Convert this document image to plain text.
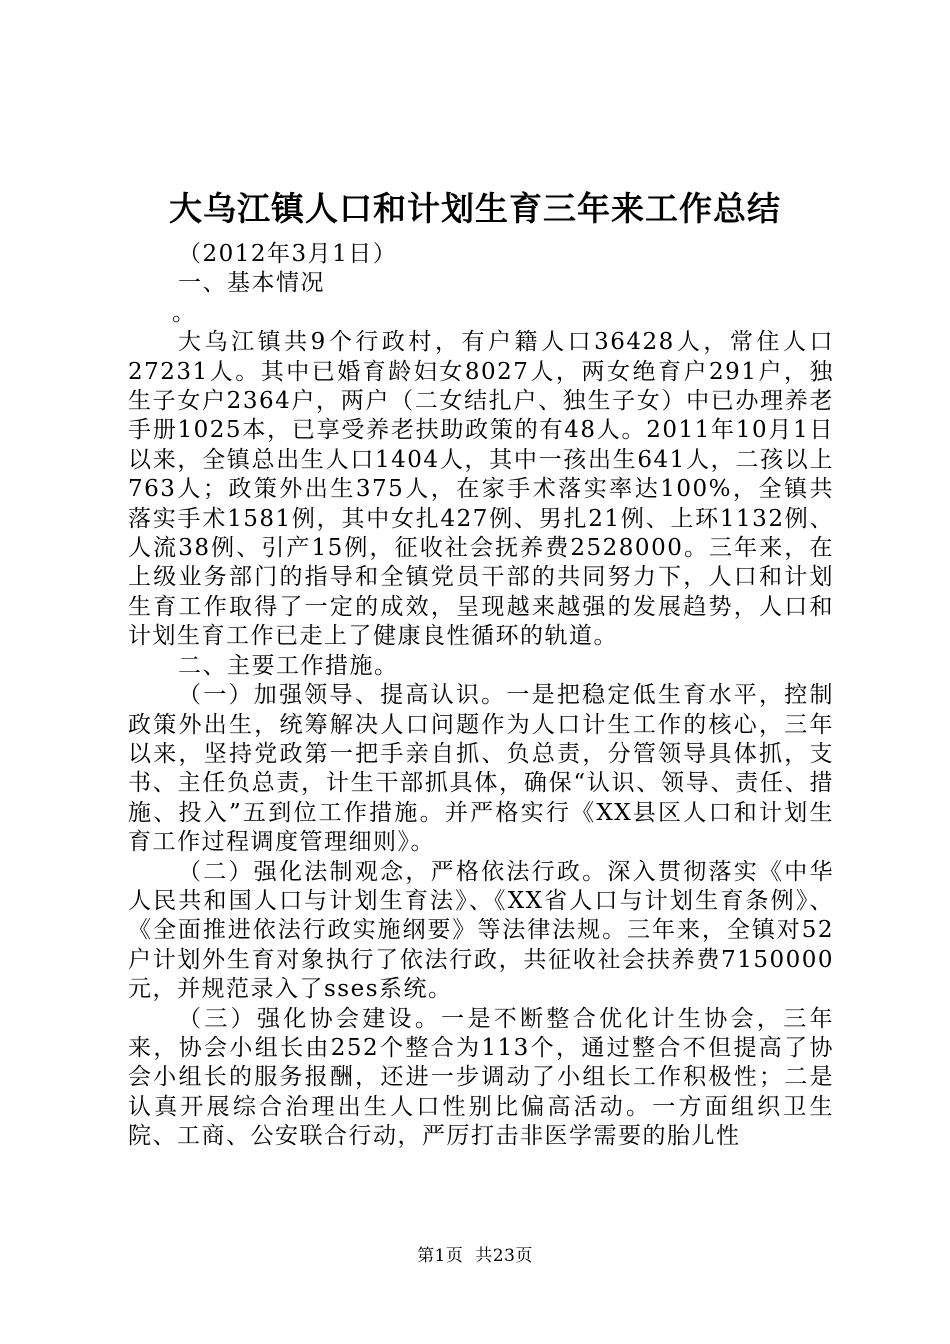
大乌江镇人口和计划生育三年来工作总结

（2012年3月1日）

一、基本情况

。

大乌江镇共9个行政村，有户籍人口36428人，常住人口27231人。其中已婚育龄妇女8027人，两女绝育户291户，独生子女户2364户，两户（二女结扎户、独生子女）中已办理养老手册1025本，已享受养老扶助政策的有48人。2011年10月1日以来，全镇总出生人口1404人，其中一孩出生641人，二孩以上763人；政策外出生375人，在家手术落实率达100%，全镇共落实手术1581例，其中女扎427例、男扎21例、上环1132例、人流38例、引产15例，征收社会抚养费2528000。三年来，在上级业务部门的指导和全镇党员干部的共同努力下，人口和计划生育工作取得了一定的成效，呈现越来越强的发展趋势，人口和计划生育工作已走上了健康良性循环的轨道。

二、主要工作措施。

（一）加强领导、提高认识。一是把稳定低生育水平，控制政策外出生，统筹解决人口问题作为人口计生工作的核心，三年以来，坚持党政第一把手亲自抓、负总责，分管领导具体抓，支书、主任负总责，计生干部抓具体，确保“认识、领导、责任、措施、投入”五到位工作措施。并严格实行《XX县区人口和计划生育工作过程调度管理细则》。

（二）强化法制观念，严格依法行政。深入贯彻落实《中华人民共和国人口与计划生育法》、《XX省人口与计划生育条例》、《全面推进依法行政实施纲要》等法律法规。三年来，全镇对52户计划外生育对象执行了依法行政，共征收社会扶养费7150000元，并规范录入了sses系统。

（三）强化协会建设。一是不断整合优化计生协会，三年来，协会小组长由252个整合为113个，通过整合不但提高了协会小组长的服务报酬，还进一步调动了小组长工作积极性；二是认真开展综合治理出生人口性别比偏高活动。一方面组织卫生院、工商、公安联合行动，严厉打击非医学需要的胎儿性

第1页 共23页
